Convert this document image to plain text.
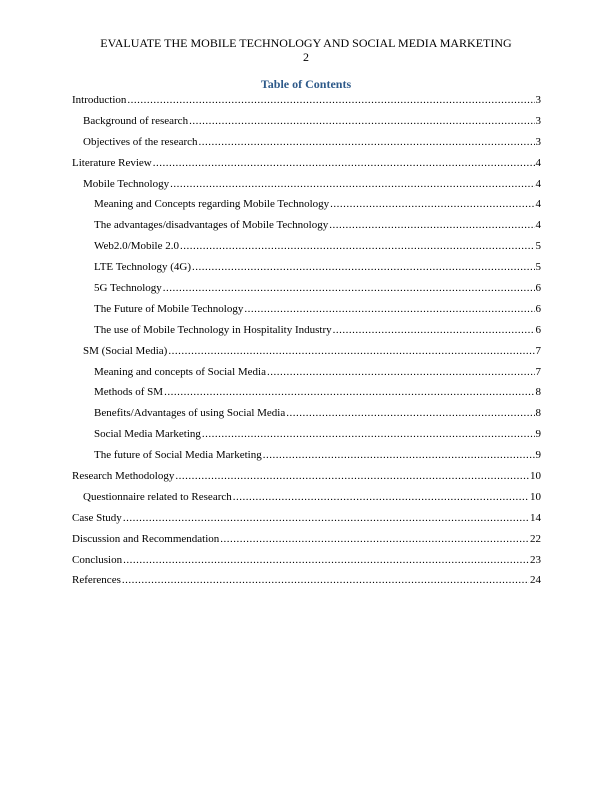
EVALUATE THE MOBILE TECHNOLOGY AND SOCIAL MEDIA MARKETING
2
Table of Contents
Introduction .....	3
Background of research .....	3
Objectives of the research .....	3
Literature Review .....	4
Mobile Technology .....	4
Meaning and Concepts regarding Mobile Technology .....	4
The advantages/disadvantages of Mobile Technology .....	4
Web2.0/Mobile 2.0 .....	5
LTE Technology (4G) .....	5
5G Technology .....	6
The Future of Mobile Technology .....	6
The use of Mobile Technology in Hospitality Industry .....	6
SM (Social Media) .....	7
Meaning and concepts of Social Media .....	7
Methods of SM .....	8
Benefits/Advantages of using Social Media .....	8
Social Media Marketing .....	9
The future of Social Media Marketing .....	9
Research Methodology .....	10
Questionnaire related to Research .....	10
Case Study .....	14
Discussion and Recommendation .....	22
Conclusion .....	23
References .....	24
